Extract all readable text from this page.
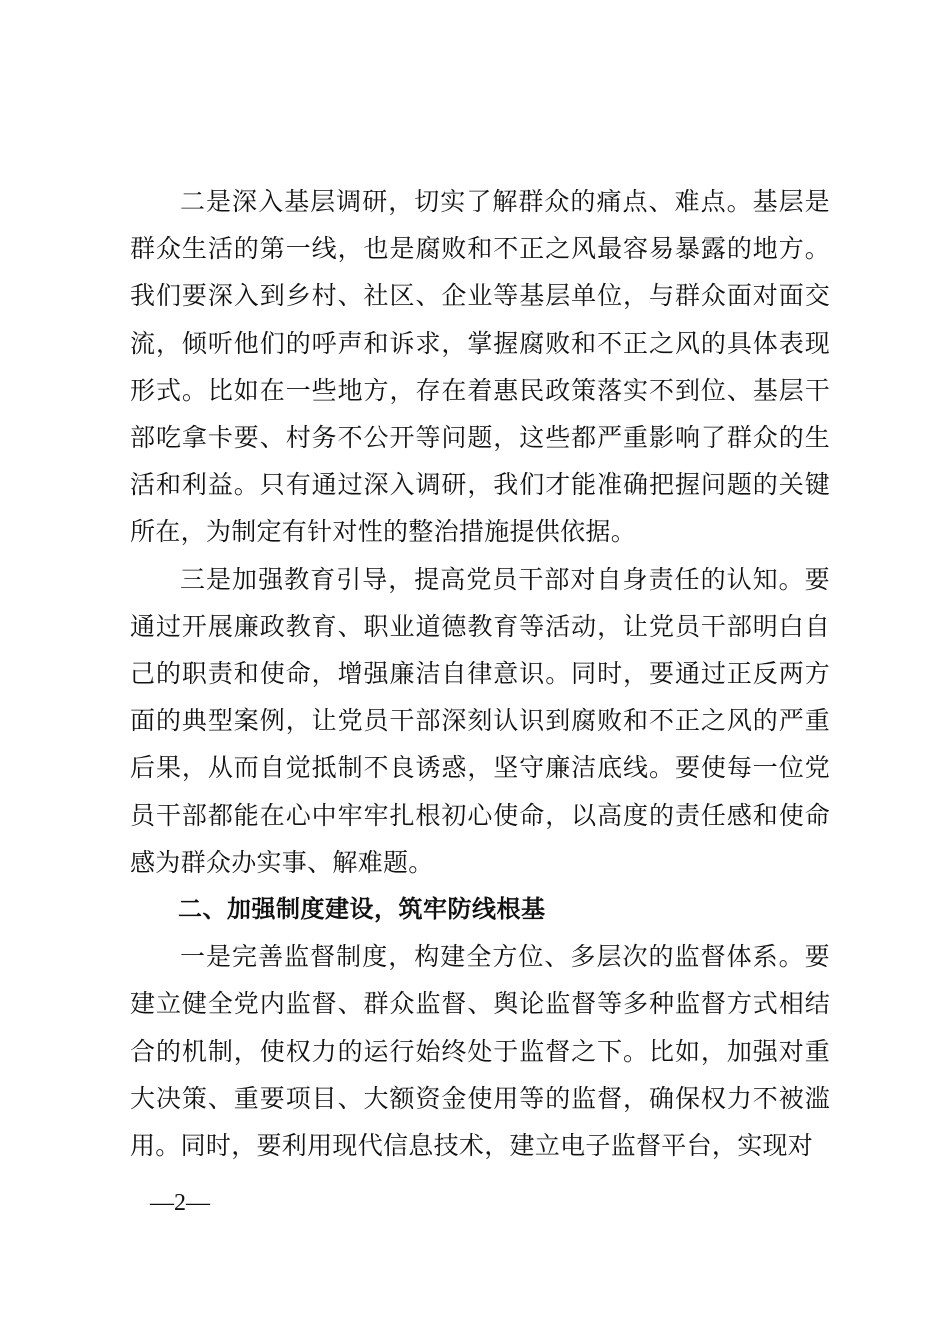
二是深入基层调研，切实了解群众的痛点、难点。基层是群众生活的第一线，也是腐败和不正之风最容易暴露的地方。我们要深入到乡村、社区、企业等基层单位，与群众面对面交流，倾听他们的呼声和诉求，掌握腐败和不正之风的具体表现形式。比如在一些地方，存在着惠民政策落实不到位、基层干部吃拿卡要、村务不公开等问题，这些都严重影响了群众的生活和利益。只有通过深入调研，我们才能准确把握问题的关键所在，为制定有针对性的整治措施提供依据。

三是加强教育引导，提高党员干部对自身责任的认知。要通过开展廉政教育、职业道德教育等活动，让党员干部明白自己的职责和使命，增强廉洁自律意识。同时，要通过正反两方面的典型案例，让党员干部深刻认识到腐败和不正之风的严重后果，从而自觉抵制不良诱惑，坚守廉洁底线。要使每一位党员干部都能在心中牢牢扎根初心使命，以高度的责任感和使命感为群众办实事、解难题。

二、加强制度建设，筑牢防线根基

一是完善监督制度，构建全方位、多层次的监督体系。要建立健全党内监督、群众监督、舆论监督等多种监督方式相结合的机制，使权力的运行始终处于监督之下。比如，加强对重大决策、重要项目、大额资金使用等的监督，确保权力不被滥用。同时，要利用现代信息技术，建立电子监督平台，实现对

—2—
